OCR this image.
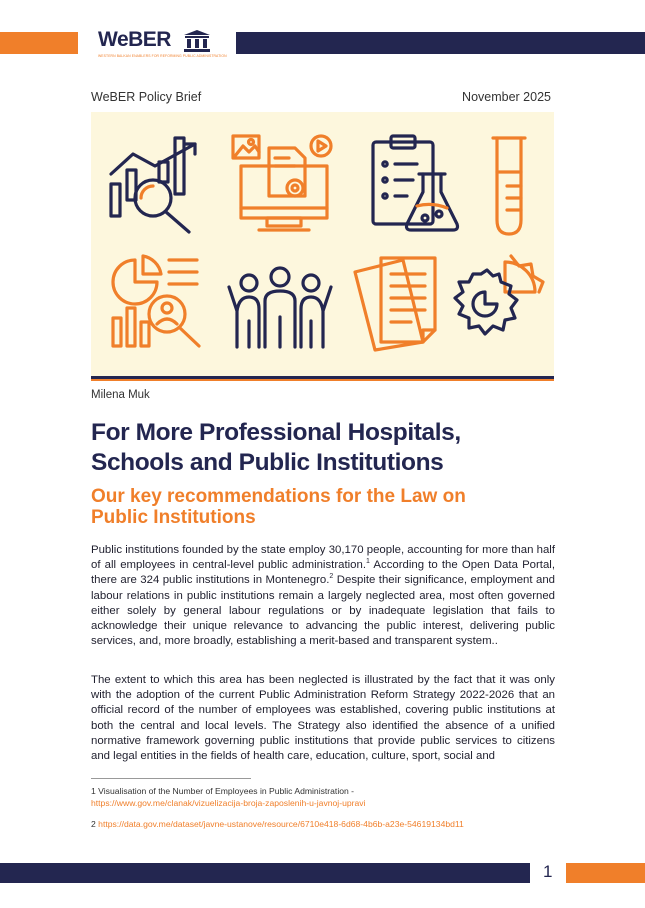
WeBER
WESTERN BALKAN ENABLERS FOR REFORMING PUBLIC ADMINISTRATION
WeBER Policy Brief	November 2025
Milena Muk
For More Professional Hospitals,
Schools and Public Institutions
Our key recommendations for the Law on
Public Institutions

Public institutions founded by the state employ 30,170 people, accounting for more than half of all employees in central-level public administration.$^1$ According to the Open Data Portal, there are 324 public institutions in Montenegro.$^2$ Despite their significance, employment and labour relations in public institutions remain a largely neglected area, most often governed either solely by general labour regulations or by inadequate legislation that fails to acknowledge their unique relevance to advancing the public interest, delivering public services, and, more broadly, establishing a merit-based and transparent system..

The extent to which this area has been neglected is illustrated by the fact that it was only with the adoption of the current Public Administration Reform Strategy 2022-2026 that an official record of the number of employees was established, covering public institutions at both the central and local levels. The Strategy also identified the absence of a unified normative framework governing public institutions that provide public services to citizens and legal entities in the fields of health care, education, culture, sport, social and

1 Visualisation of the Number of Employees in Public Administration -
https://www.gov.me/clanak/vizuelizacija-broja-zaposlenih-u-javnoj-upravi
2 https://data.gov.me/dataset/javne-ustanove/resource/6710e418-6d68-4b6b-a23e-54619134bd11
1
